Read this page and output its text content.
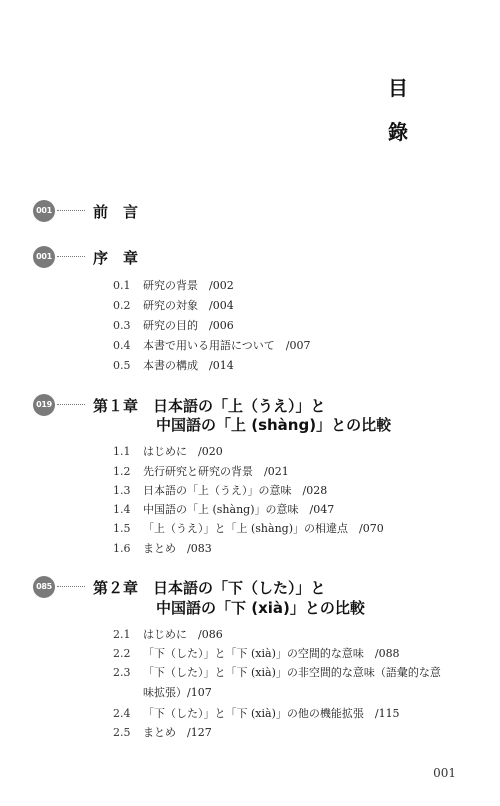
目
錄
001	前　言
001	序　章
0.1 研究の背景　/002
0.2 研究の対象　/004
0.3 研究の目的　/006
0.4 本書で用いる用語について　/007
0.5 本書の構成　/014
019	第１章　日本語の「上（うえ）」と
中国語の「上 (shàng)」との比較
1.1 はじめに　/020
1.2 先行研究と研究の背景　/021
1.3 日本語の「上（うえ）」の意味　/028
1.4 中国語の「上 (shàng)」の意味　/047
1.5 「上（うえ）」と「上 (shàng)」の相違点　/070
1.6 まとめ　/083
085	第２章　日本語の「下（した）」と
中国語の「下 (xià)」との比較
2.1 はじめに　/086
2.2 「下（した）」と「下 (xià)」の空間的な意味　/088
2.3 「下（した）」と「下 (xià)」の非空間的な意味（語彙的な意
味拡張）/107
2.4 「下（した）」と「下 (xià)」の他の機能拡張　/115
2.5 まとめ　/127
001
